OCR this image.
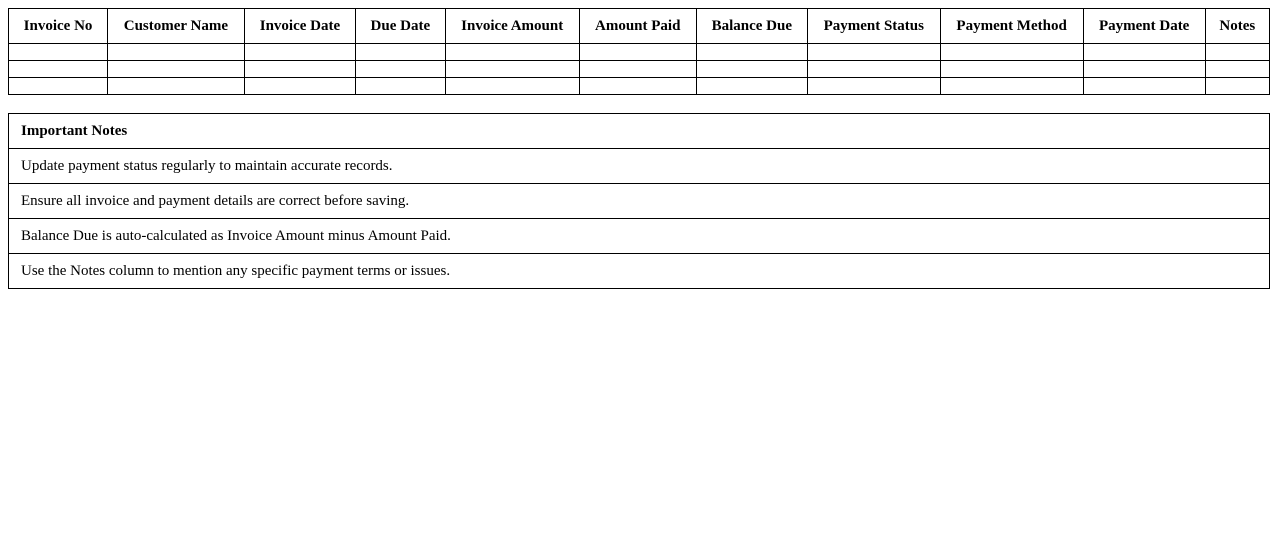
Invoice No	Customer Name	Invoice Date	Due Date	Invoice Amount	Amount Paid	Balance Due	Payment Status	Payment Method	Payment Date	Notes

Important Notes
Update payment status regularly to maintain accurate records.
Ensure all invoice and payment details are correct before saving.
Balance Due is auto-calculated as Invoice Amount minus Amount Paid.
Use the Notes column to mention any specific payment terms or issues.
